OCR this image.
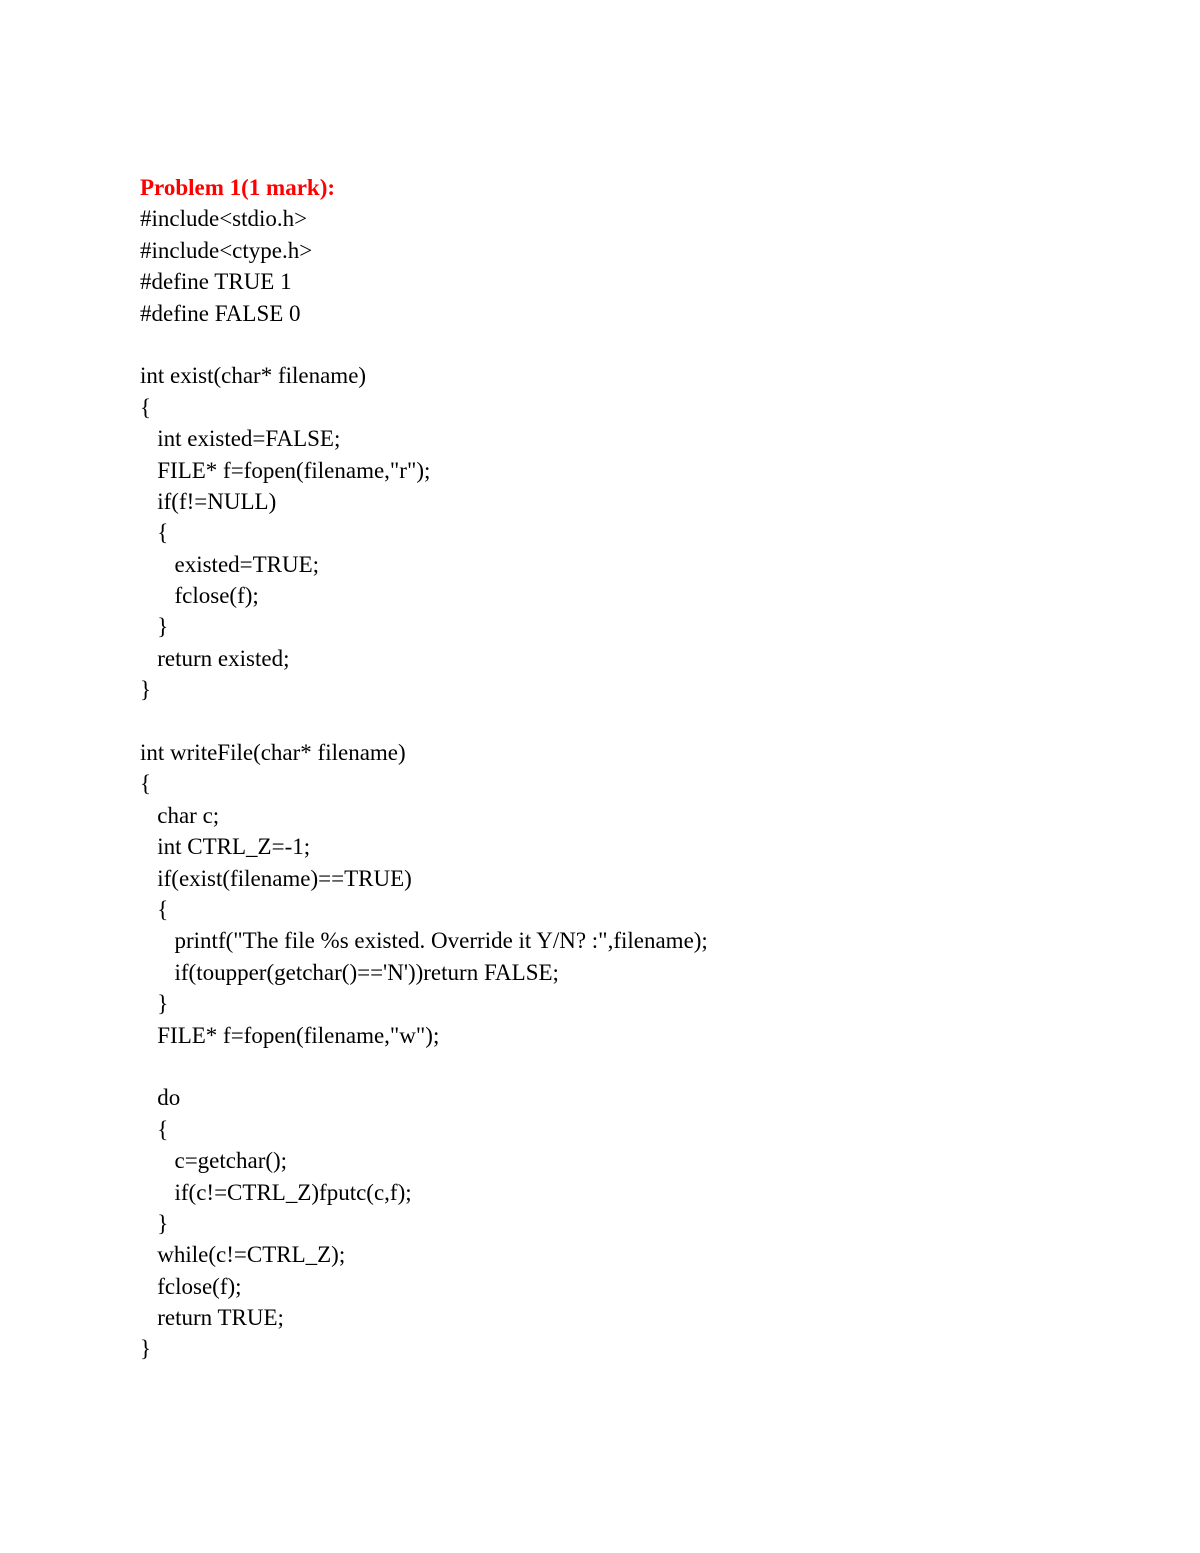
Problem 1(1 mark):
#include<stdio.h>
#include<ctype.h>
#define TRUE 1
#define FALSE 0
int exist(char* filename)
{
int existed=FALSE;
FILE* f=fopen(filename,"r");
if(f!=NULL)
{
existed=TRUE;
fclose(f);
}
return existed;
}
int writeFile(char* filename)
{
char c;
int CTRL_Z=-1;
if(exist(filename)==TRUE)
{
printf("The file %s existed. Override it Y/N? :",filename);
if(toupper(getchar()=='N'))return FALSE;
}
FILE* f=fopen(filename,"w");
do
{
c=getchar();
if(c!=CTRL_Z)fputc(c,f);
}
while(c!=CTRL_Z);
fclose(f);
return TRUE;
}
